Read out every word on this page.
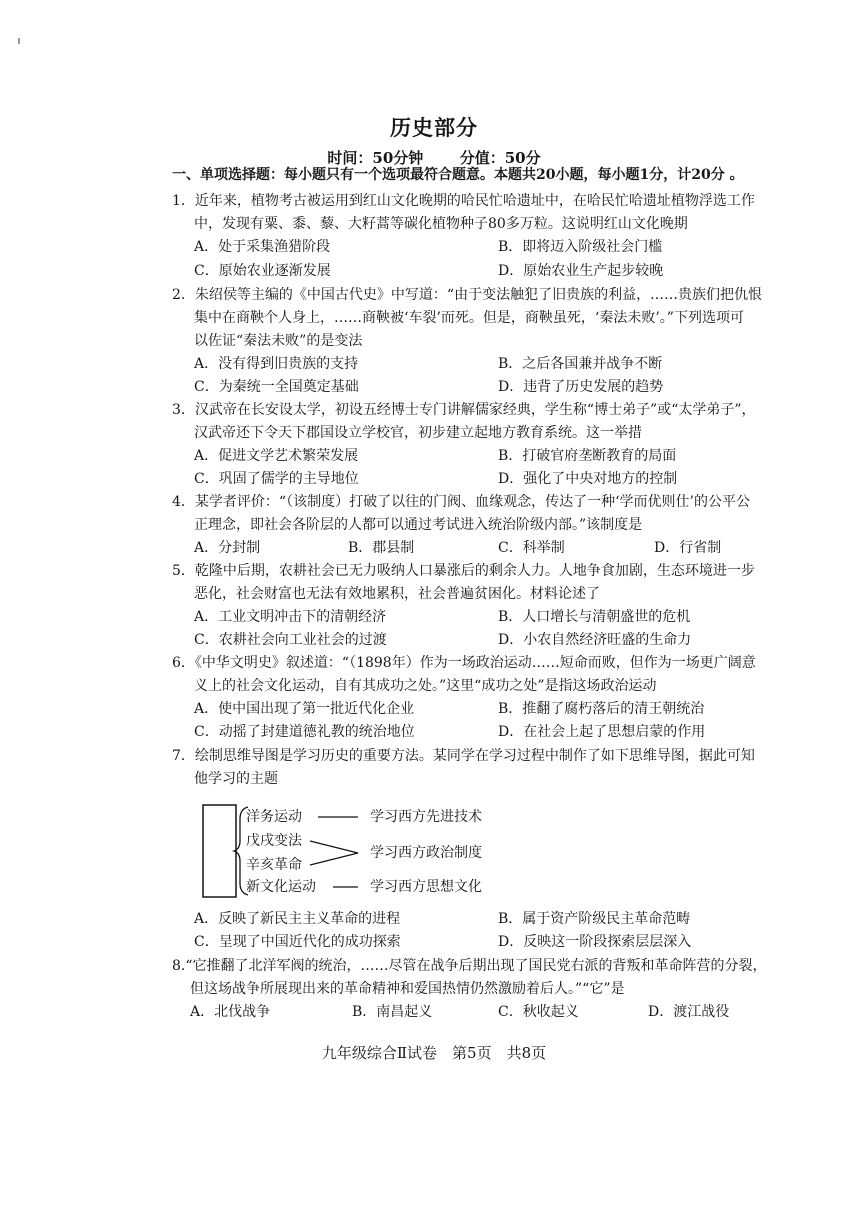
历史部分
时间：50分钟 分值：50分
一、单项选择题：每小题只有一个选项最符合题意。本题共20小题，每小题1分，计20分 。
1．近年来，植物考古被运用到红山文化晚期的哈民忙哈遗址中，在哈民忙哈遗址植物浮选工作
中，发现有粟、黍、藜、大籽蒿等碳化植物种子80多万粒。这说明红山文化晚期
A．处于采集渔猎阶段	B．即将迈入阶级社会门槛
C．原始农业逐渐发展	D．原始农业生产起步较晚
2．朱绍侯等主编的《中国古代史》中写道：“由于变法触犯了旧贵族的利益，……贵族们把仇恨
集中在商鞅个人身上，……商鞅被‘车裂’而死。但是，商鞅虽死，‘秦法未败’。”下列选项可
以佐证“秦法未败”的是变法
A．没有得到旧贵族的支持	B．之后各国兼并战争不断
C．为秦统一全国奠定基础	D．违背了历史发展的趋势
3．汉武帝在长安设太学，初设五经博士专门讲解儒家经典，学生称“博士弟子”或“太学弟子”，
汉武帝还下令天下郡国设立学校官，初步建立起地方教育系统。这一举措
A．促进文学艺术繁荣发展	B．打破官府垄断教育的局面
C．巩固了儒学的主导地位	D．强化了中央对地方的控制
4．某学者评价：“（该制度）打破了以往的门阀、血缘观念，传达了一种‘学而优则仕’的公平公
正理念，即社会各阶层的人都可以通过考试进入统治阶级内部。”该制度是
A．分封制	B．郡县制	C．科举制	D．行省制
5．乾隆中后期，农耕社会已无力吸纳人口暴涨后的剩余人力。人地争食加剧，生态环境进一步
恶化，社会财富也无法有效地累积，社会普遍贫困化。材料论述了
A．工业文明冲击下的清朝经济	B．人口增长与清朝盛世的危机
C．农耕社会向工业社会的过渡	D．小农自然经济旺盛的生命力
6．《中华文明史》叙述道：“（1898年）作为一场政治运动……短命而败，但作为一场更广阔意
义上的社会文化运动，自有其成功之处。”这里“成功之处”是指这场政治运动
A．使中国出现了第一批近代化企业	B．推翻了腐朽落后的清王朝统治
C．动摇了封建道德礼教的统治地位	D．在社会上起了思想启蒙的作用
7．绘制思维导图是学习历史的重要方法。某同学在学习过程中制作了如下思维导图，据此可知
他学习的主题
洋务运动
戊戌变法
辛亥革命
新文化运动
学习西方先进技术
学习西方政治制度
学习西方思想文化
A．反映了新民主主义革命的进程	B．属于资产阶级民主革命范畴
C．呈现了中国近代化的成功探索	D．反映这一阶段探索层层深入
8.“它推翻了北洋军阀的统治，……尽管在战争后期出现了国民党右派的背叛和革命阵营的分裂，
但这场战争所展现出来的革命精神和爱国热情仍然激励着后人。”“它”是
A．北伐战争	B．南昌起义	C．秋收起义	D．渡江战役
九年级综合Ⅱ试卷　第5页　共8页
